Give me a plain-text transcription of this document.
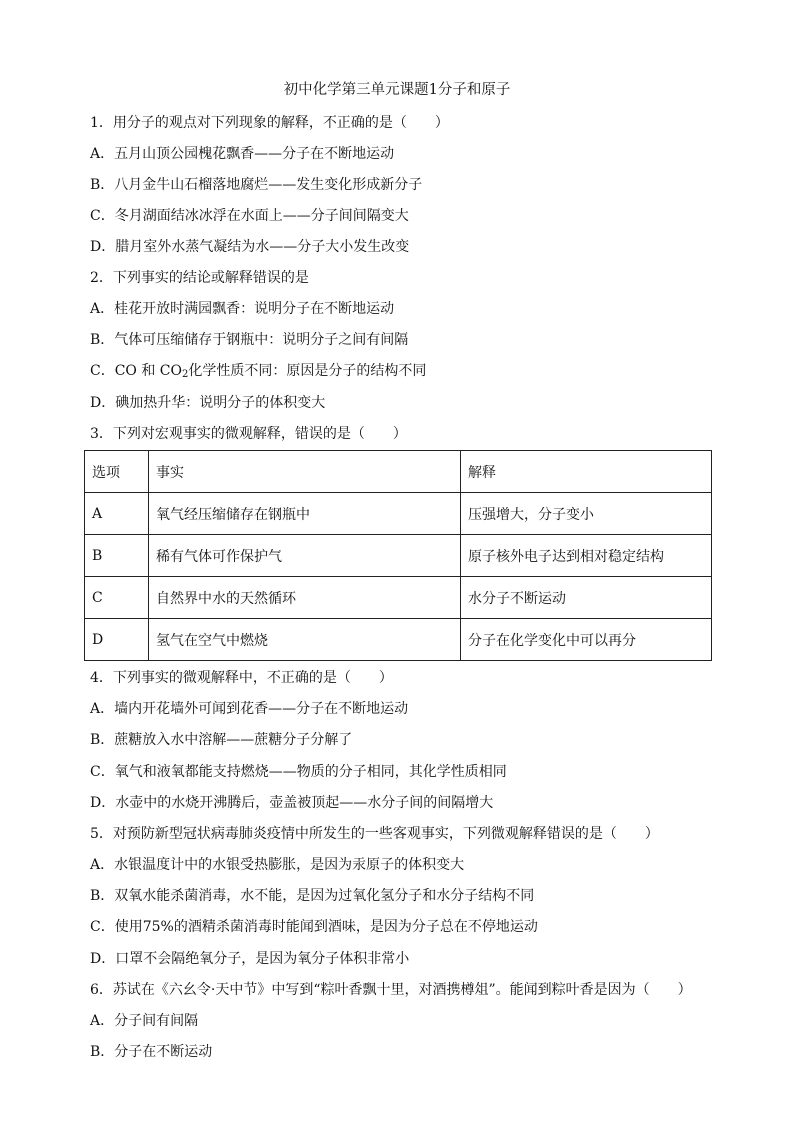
初中化学第三单元课题1分子和原子
1．用分子的观点对下列现象的解释，不正确的是（　　）
A．五月山顶公园槐花飘香——分子在不断地运动
B．八月金牛山石榴落地腐烂——发生变化形成新分子
C．冬月湖面结冰冰浮在水面上——分子间间隔变大
D．腊月室外水蒸气凝结为水——分子大小发生改变
2．下列事实的结论或解释错误的是
A．桂花开放时满园飘香：说明分子在不断地运动
B．气体可压缩储存于钢瓶中：说明分子之间有间隔
C．CO 和 $CO_2$化学性质不同：原因是分子的结构不同
D．碘加热升华：说明分子的体积变大
3．下列对宏观事实的微观解释，错误的是（　　）
选项	事实	解释
A	氧气经压缩储存在钢瓶中	压强增大，分子变小
B	稀有气体可作保护气	原子核外电子达到相对稳定结构
C	自然界中水的天然循环	水分子不断运动
D	氢气在空气中燃烧	分子在化学变化中可以再分
4．下列事实的微观解释中，不正确的是（　　）
A．墙内开花墙外可闻到花香——分子在不断地运动
B．蔗糖放入水中溶解——蔗糖分子分解了
C．氧气和液氧都能支持燃烧——物质的分子相同，其化学性质相同
D．水壶中的水烧开沸腾后，壶盖被顶起——水分子间的间隔增大
5．对预防新型冠状病毒肺炎疫情中所发生的一些客观事实，下列微观解释错误的是（　　）
A．水银温度计中的水银受热膨胀，是因为汞原子的体积变大
B．双氧水能杀菌消毒，水不能，是因为过氧化氢分子和水分子结构不同
C．使用75%的酒精杀菌消毒时能闻到酒味，是因为分子总在不停地运动
D．口罩不会隔绝氧分子，是因为氧分子体积非常小
6．苏试在《六幺令·天中节》中写到“粽叶香飘十里，对酒携樽俎”。能闻到粽叶香是因为（　　）
A．分子间有间隔
B．分子在不断运动
